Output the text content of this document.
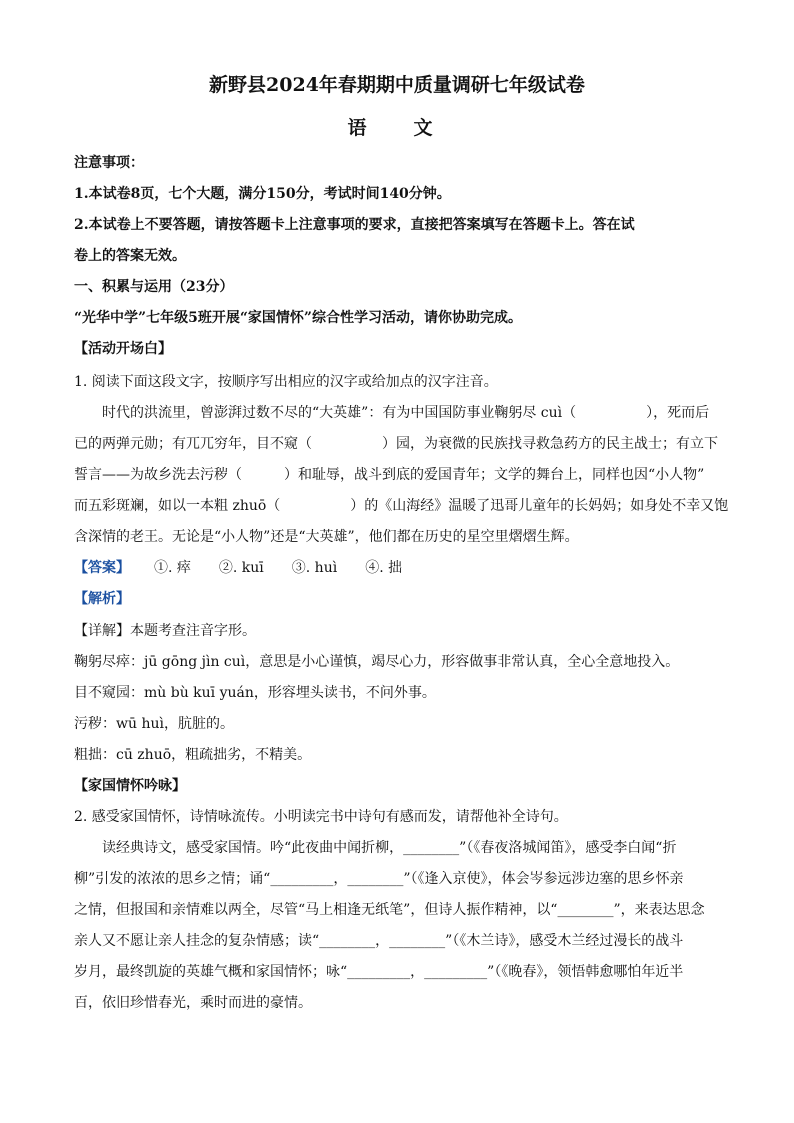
新野县2024年春期期中质量调研七年级试卷
语　文
注意事项：
1.本试卷8页，七个大题，满分150分，考试时间140分钟。
2.本试卷上不要答题，请按答题卡上注意事项的要求，直接把答案填写在答题卡上。答在试
卷上的答案无效。
一、积累与运用（23分）
“光华中学”七年级5班开展“家国情怀”综合性学习活动，请你协助完成。
【活动开场白】
1. 阅读下面这段文字，按顺序写出相应的汉字或给加点的汉字注音。
时代的洪流里，曾澎湃过数不尽的“大英雄”：有为中国国防事业鞠躬尽 cuì（　　　　　），死而后
已的两弹元勋；有兀兀穷年，目不窥（　　　　　）园，为衰微的民族找寻救急药方的民主战士；有立下
誓言——为故乡洗去污秽（　　　）和耻辱，战斗到底的爱国青年；文学的舞台上，同样也因“小人物”
而五彩斑斓，如以一本粗 zhuō（　　　　　）的《山海经》温暖了迅哥儿童年的长妈妈；如身处不幸又饱
含深情的老王。无论是“小人物”还是“大英雄”，他们都在历史的星空里熠熠生辉。
【答案】 ①. 瘁　　②. kuī　　③. huì　　④. 拙
【解析】
【详解】本题考查注音字形。
鞠躬尽瘁：jū gōng jìn cuì，意思是小心谨慎，竭尽心力，形容做事非常认真，全心全意地投入。
目不窥园：mù bù kuī yuán，形容埋头读书，不问外事。
污秽：wū huì，肮脏的。
粗拙：cū zhuō，粗疏拙劣，不精美。
【家国情怀吟咏】
2. 感受家国情怀，诗情咏流传。小明读完书中诗句有感而发，请帮他补全诗句。
读经典诗文，感受家国情。吟“此夜曲中闻折柳，________”（《春夜洛城闻笛》，感受李白闻“折
柳”引发的浓浓的思乡之情；诵“_________，________”（《逢入京使》，体会岑参远涉边塞的思乡怀亲
之情，但报国和亲情难以两全，尽管“马上相逢无纸笔”，但诗人振作精神，以“________”，来表达思念
亲人又不愿让亲人挂念的复杂情感；读“________，________”（《木兰诗》，感受木兰经过漫长的战斗
岁月，最终凯旋的英雄气概和家国情怀；咏“_________，_________”（《晚春》，领悟韩愈哪怕年近半
百，依旧珍惜春光，乘时而进的豪情。
